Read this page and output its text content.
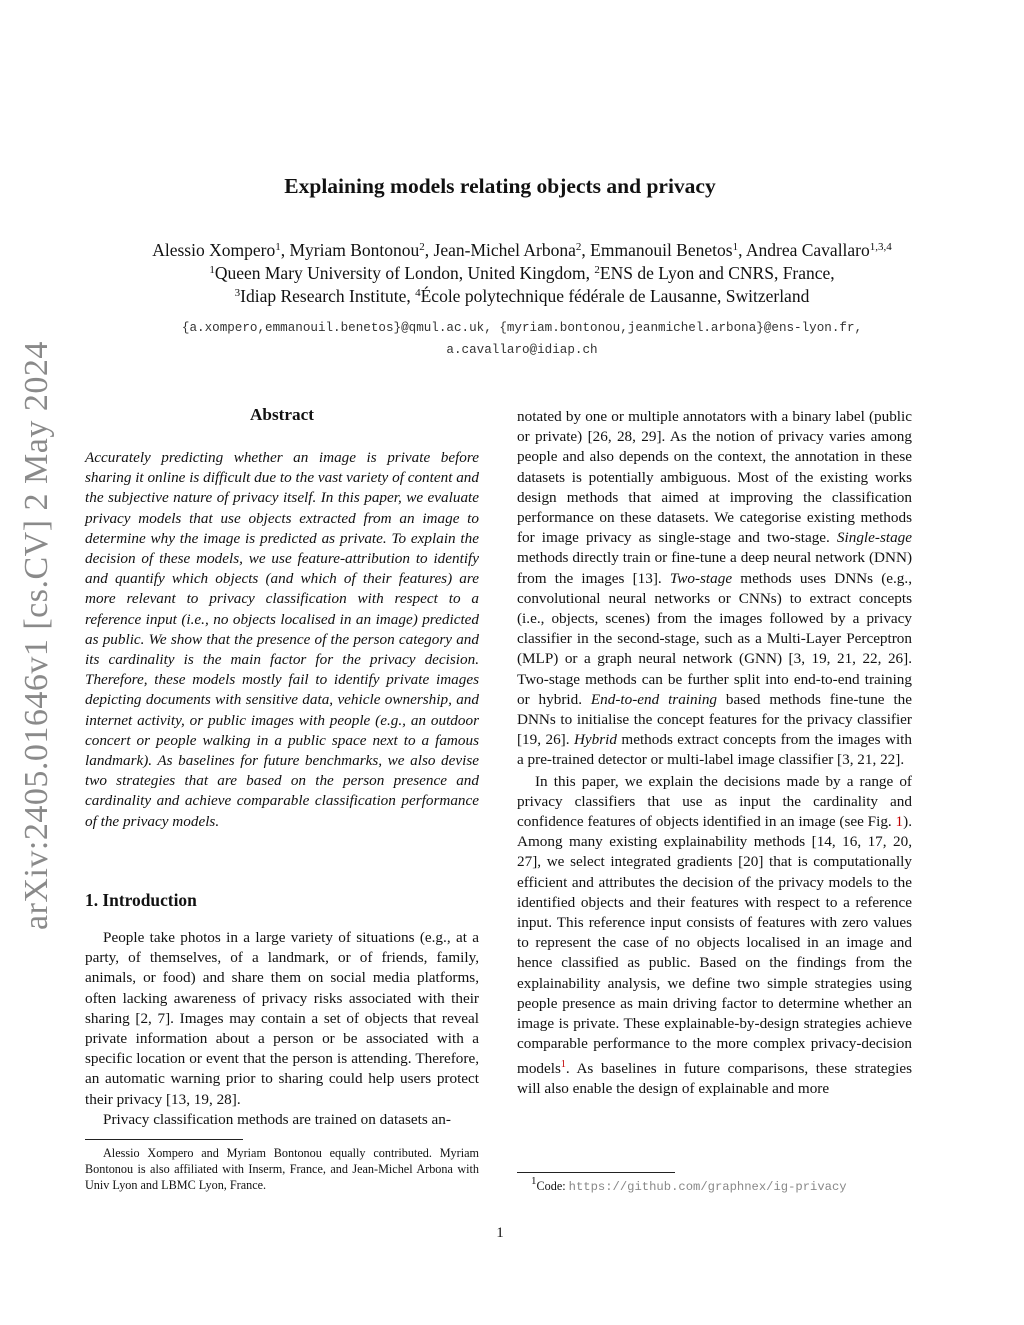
arXiv:2405.01646v1 [cs.CV] 2 May 2024
Explaining models relating objects and privacy
Alessio Xompero$^1$, Myriam Bontonou$^2$, Jean-Michel Arbona$^2$, Emmanouil Benetos$^1$, Andrea Cavallaro$^{1,3,4}$
$^1$Queen Mary University of London, United Kingdom, $^2$ENS de Lyon and CNRS, France,
$^3$Idiap Research Institute, $^4$École polytechnique fédérale de Lausanne, Switzerland
{a.xompero,emmanouil.benetos}@qmul.ac.uk, {myriam.bontonou,jeanmichel.arbona}@ens-lyon.fr,
a.cavallaro@idiap.ch
Abstract
Accurately predicting whether an image is private before sharing it online is difficult due to the vast variety of content and the subjective nature of privacy itself. In this paper, we evaluate privacy models that use objects extracted from an image to determine why the image is predicted as private. To explain the decision of these models, we use feature-attribution to identify and quantify which objects (and which of their features) are more relevant to privacy classification with respect to a reference input (i.e., no objects localised in an image) predicted as public. We show that the presence of the person category and its cardinality is the main factor for the privacy decision. Therefore, these models mostly fail to identify private images depicting documents with sensitive data, vehicle ownership, and internet activity, or public images with people (e.g., an outdoor concert or people walking in a public space next to a famous landmark). As baselines for future benchmarks, we also devise two strategies that are based on the person presence and cardinality and achieve comparable classification performance of the privacy models.
1. Introduction

People take photos in a large variety of situations (e.g., at a party, of themselves, of a landmark, or of friends, family, animals, or food) and share them on social media platforms, often lacking awareness of privacy risks associated with their sharing [2, 7]. Images may contain a set of objects that reveal private information about a person or be associated with a specific location or event that the person is attending. Therefore, an automatic warning prior to sharing could help users protect their privacy [13, 19, 28].

Privacy classification methods are trained on datasets an-

Alessio Xompero and Myriam Bontonou equally contributed. Myriam Bontonou is also affiliated with Inserm, France, and Jean-Michel Arbona with Univ Lyon and LBMC Lyon, France.

notated by one or multiple annotators with a binary label (public or private) [26, 28, 29]. As the notion of privacy varies among people and also depends on the context, the annotation in these datasets is potentially ambiguous. Most of the existing works design methods that aimed at improving the classification performance on these datasets. We categorise existing methods for image privacy as single-stage and two-stage. Single-stage methods directly train or fine-tune a deep neural network (DNN) from the images [13]. Two-stage methods uses DNNs (e.g., convolutional neural networks or CNNs) to extract concepts (i.e., objects, scenes) from the images followed by a privacy classifier in the second-stage, such as a Multi-Layer Perceptron (MLP) or a graph neural network (GNN) [3, 19, 21, 22, 26]. Two-stage methods can be further split into end-to-end training or hybrid. End-to-end training based methods fine-tune the DNNs to initialise the concept features for the privacy classifier [19, 26]. Hybrid methods extract concepts from the images with a pre-trained detector or multi-label image classifier [3, 21, 22].

In this paper, we explain the decisions made by a range of privacy classifiers that use as input the cardinality and confidence features of objects identified in an image (see Fig. 1). Among many existing explainability methods [14, 16, 17, 20, 27], we select integrated gradients [20] that is computationally efficient and attributes the decision of the privacy models to the identified objects and their features with respect to a reference input. This reference input consists of features with zero values to represent the case of no objects localised in an image and hence classified as public. Based on the findings from the explainability analysis, we define two simple strategies using people presence as main driving factor to determine whether an image is private. These explainable-by-design strategies achieve comparable performance to the more complex privacy-decision models$^1$. As baselines in future comparisons, these strategies will also enable the design of explainable and more

$^1$Code: https://github.com/graphnex/ig-privacy
1
